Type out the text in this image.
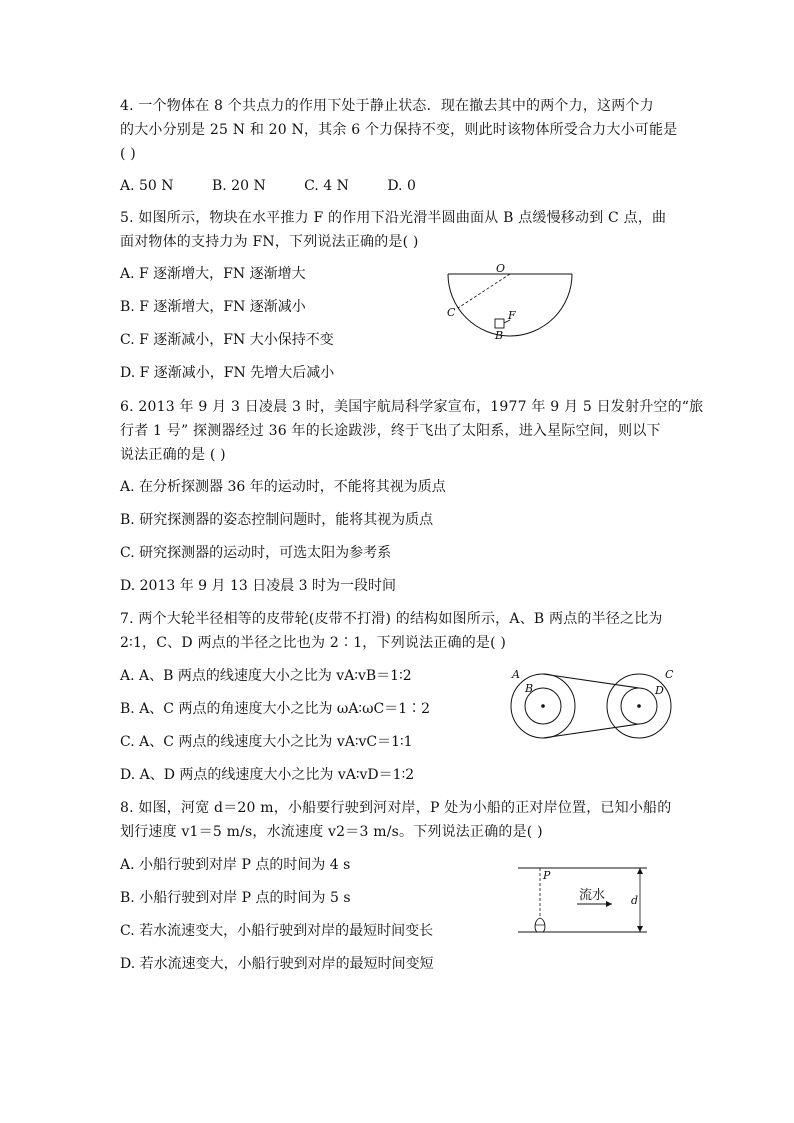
4. 一个物体在 8 个共点力的作用下处于静止状态．现在撤去其中的两个力，这两个力
的大小分别是 25 N 和 20 N，其余 6 个力保持不变，则此时该物体所受合力大小可能是
( )
A. 50 N	B. 20 N	C. 4 N	D. 0
5. 如图所示，物块在水平推力 F 的作用下沿光滑半圆曲面从 B 点缓慢移动到 C 点，曲
面对物体的支持力为 FN，下列说法正确的是( )
A. F 逐渐增大，FN 逐渐增大
B. F 逐渐增大，FN 逐渐减小
C. F 逐渐减小，FN 大小保持不变
D. F 逐渐减小，FN 先增大后减小
O
C
B
F
6. 2013 年 9 月 3 日凌晨 3 时，美国宇航局科学家宣布，1977 年 9 月 5 日发射升空的“旅
行者 1 号” 探测器经过 36 年的长途跋涉，终于飞出了太阳系，进入星际空间，则以下
说法正确的是 ( )
A. 在分析探测器 36 年的运动时，不能将其视为质点
B. 研究探测器的姿态控制问题时，能将其视为质点
C. 研究探测器的运动时，可选太阳为参考系
D. 2013 年 9 月 13 日凌晨 3 时为一段时间
7. 两个大轮半径相等的皮带轮(皮带不打滑) 的结构如图所示，A、B 两点的半径之比为
2∶1，C、D 两点的半径之比也为 2∶1，下列说法正确的是( )
A. A、B 两点的线速度大小之比为 vA∶vB＝1∶2
B. A、C 两点的角速度大小之比为 ωA∶ωC＝1∶2
C. A、C 两点的线速度大小之比为 vA∶vC＝1∶1
D. A、D 两点的线速度大小之比为 vA∶vD＝1∶2
A
B
C
D
8. 如图，河宽 d＝20 m，小船要行驶到河对岸，P 处为小船的正对岸位置，已知小船的
划行速度 v1＝5 m/s，水流速度 v2＝3 m/s。下列说法正确的是( )
A. 小船行驶到对岸 P 点的时间为 4 s
B. 小船行驶到对岸 P 点的时间为 5 s
C. 若水流速变大，小船行驶到对岸的最短时间变长
D. 若水流速变大，小船行驶到对岸的最短时间变短
P
d
流水
